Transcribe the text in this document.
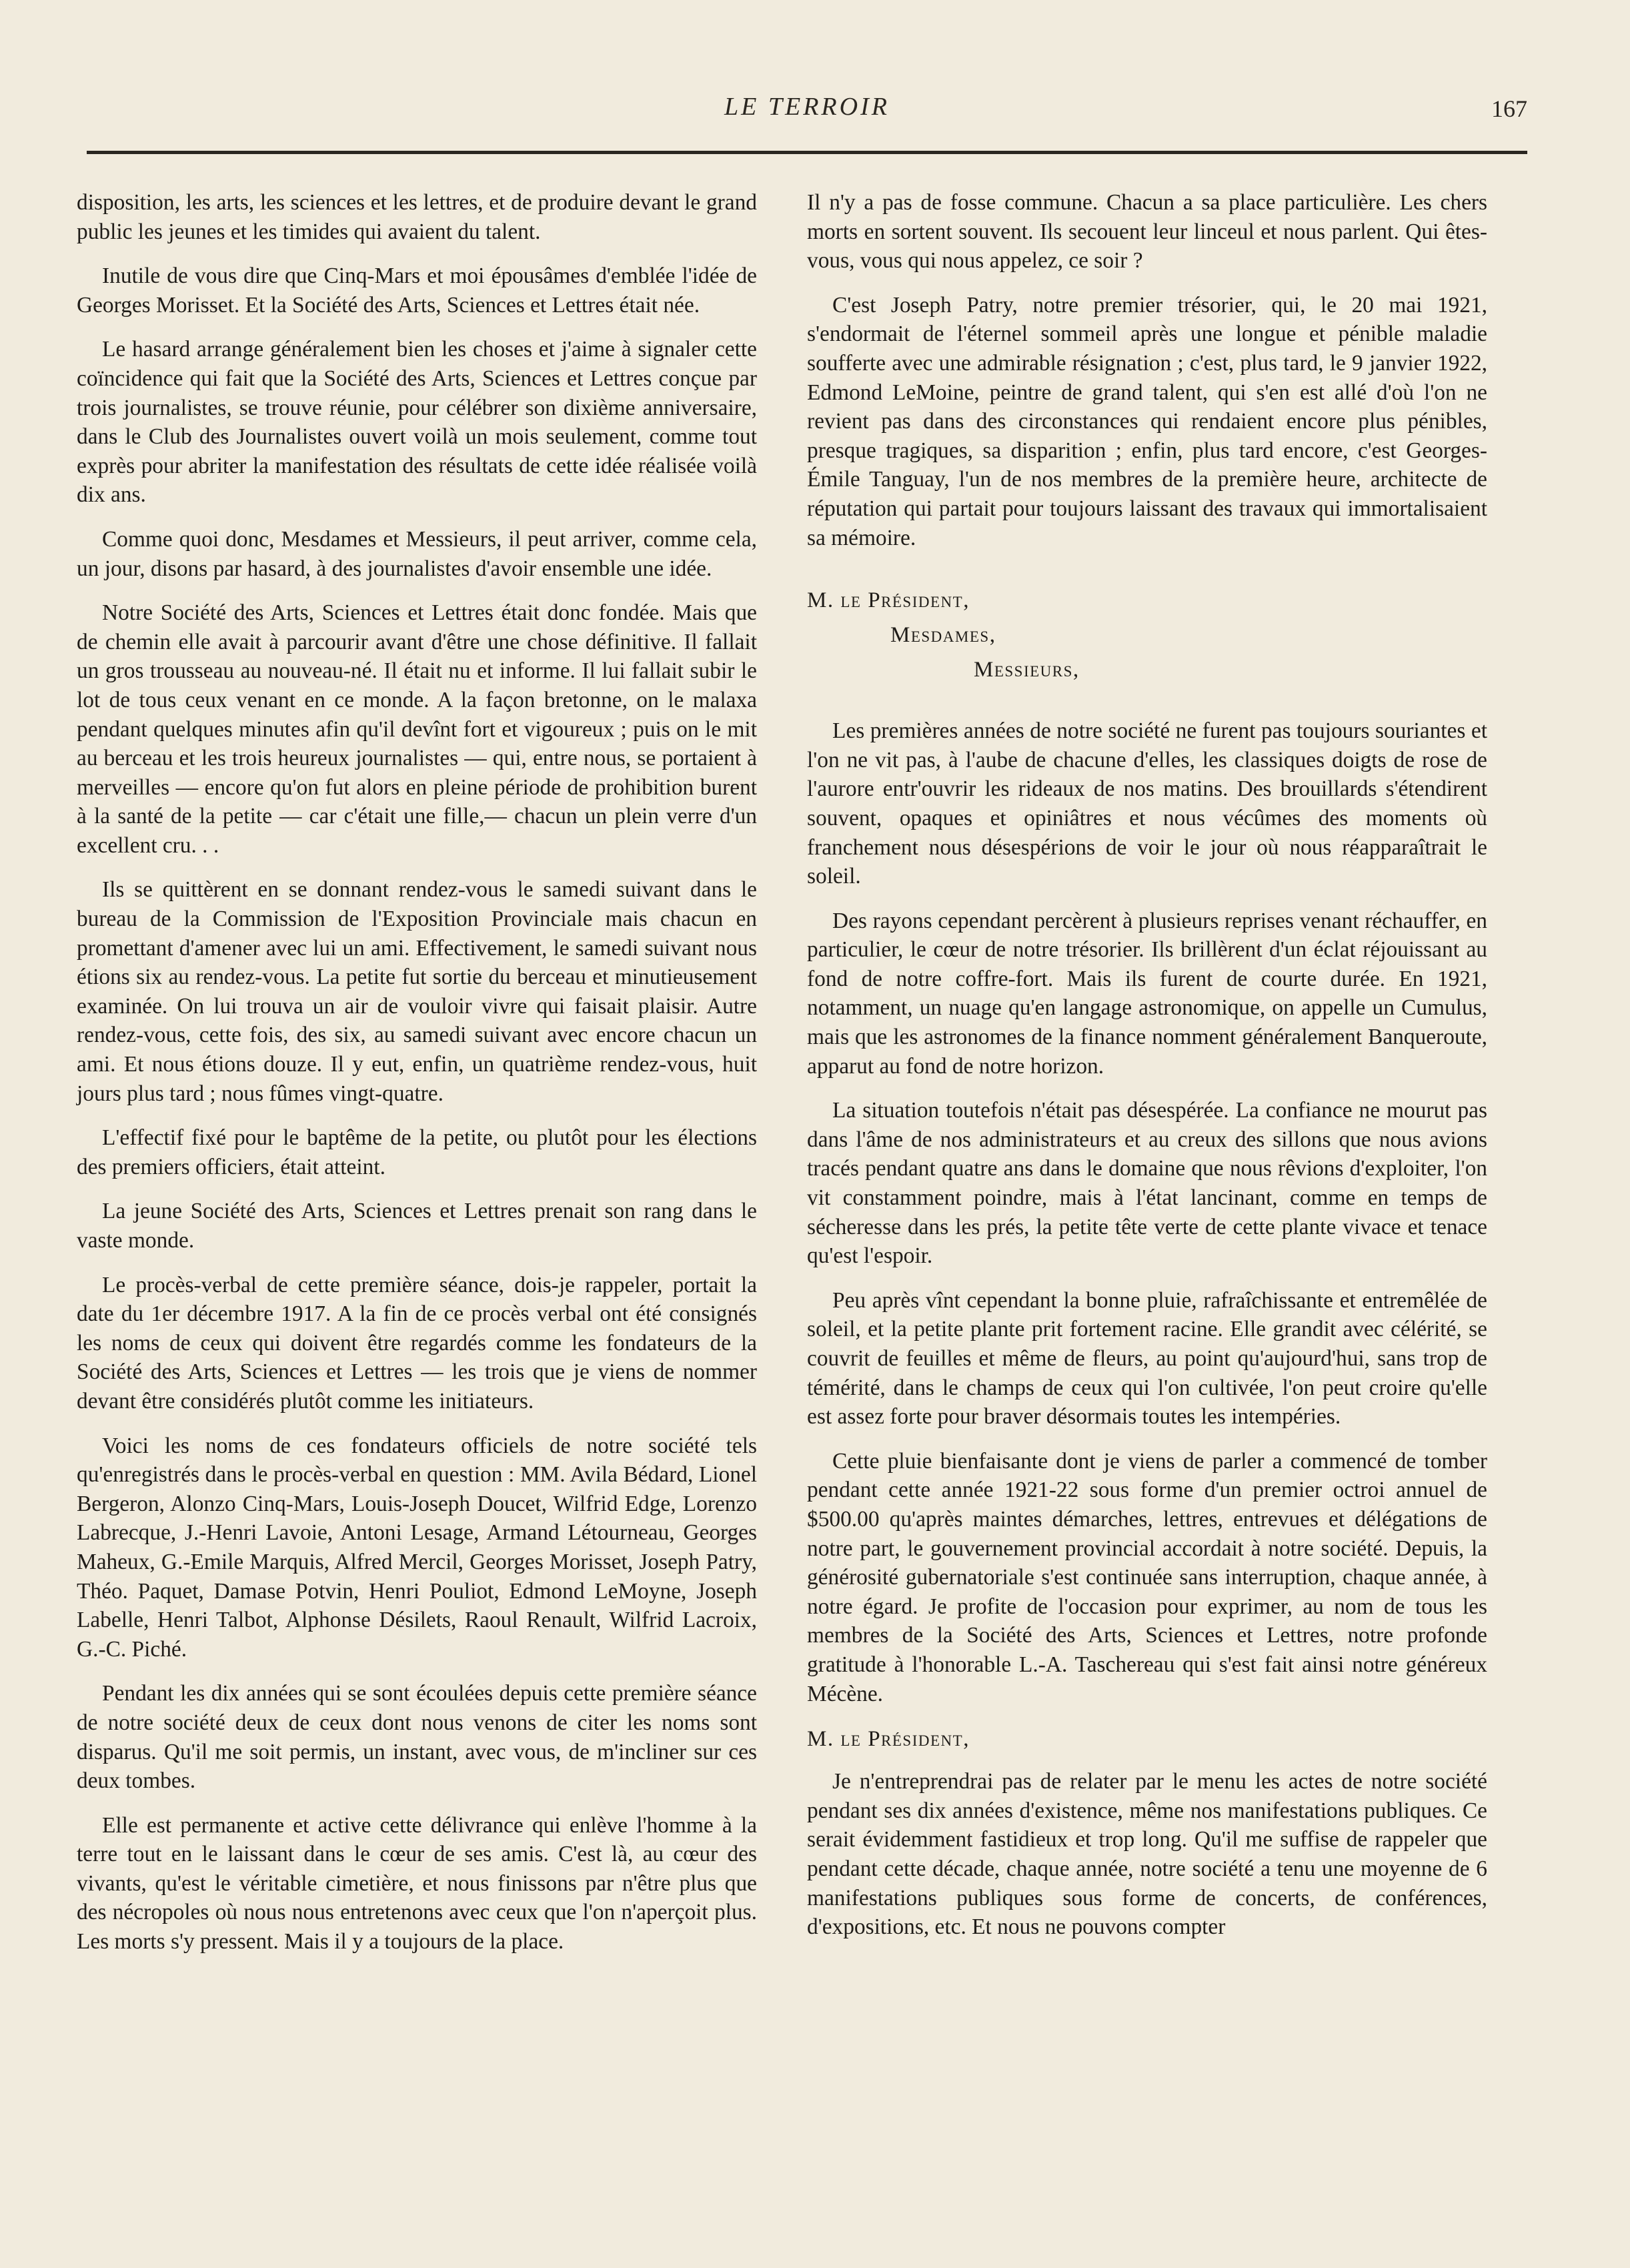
LE TERROIR	167

disposition, les arts, les sciences et les lettres, et de produire devant le grand public les jeunes et les timides qui avaient du talent.

Inutile de vous dire que Cinq-Mars et moi épousâmes d'emblée l'idée de Georges Morisset. Et la Société des Arts, Sciences et Lettres était née.

Le hasard arrange généralement bien les choses et j'aime à signaler cette coïncidence qui fait que la Société des Arts, Sciences et Lettres conçue par trois journalistes, se trouve réunie, pour célébrer son dixième anniversaire, dans le Club des Journalistes ouvert voilà un mois seulement, comme tout exprès pour abriter la manifestation des résultats de cette idée réalisée voilà dix ans.

Comme quoi donc, Mesdames et Messieurs, il peut arriver, comme cela, un jour, disons par hasard, à des journalistes d'avoir ensemble une idée.

Notre Société des Arts, Sciences et Lettres était donc fondée. Mais que de chemin elle avait à parcourir avant d'être une chose définitive. Il fallait un gros trousseau au nouveau-né. Il était nu et informe. Il lui fallait subir le lot de tous ceux venant en ce monde. A la façon bretonne, on le malaxa pendant quelques minutes afin qu'il devînt fort et vigoureux ; puis on le mit au berceau et les trois heureux journalistes — qui, entre nous, se portaient à merveilles — encore qu'on fut alors en pleine période de prohibition burent à la santé de la petite — car c'était une fille,— chacun un plein verre d'un excellent cru. . .

Ils se quittèrent en se donnant rendez-vous le samedi suivant dans le bureau de la Commission de l'Exposition Provinciale mais chacun en promettant d'amener avec lui un ami. Effectivement, le samedi suivant nous étions six au rendez-vous. La petite fut sortie du berceau et minutieusement examinée. On lui trouva un air de vouloir vivre qui faisait plaisir. Autre rendez-vous, cette fois, des six, au samedi suivant avec encore chacun un ami. Et nous étions douze. Il y eut, enfin, un quatrième rendez-vous, huit jours plus tard ; nous fûmes vingt-quatre.

L'effectif fixé pour le baptême de la petite, ou plutôt pour les élections des premiers officiers, était atteint.

La jeune Société des Arts, Sciences et Lettres prenait son rang dans le vaste monde.

Le procès-verbal de cette première séance, dois-je rappeler, portait la date du 1er décembre 1917. A la fin de ce procès verbal ont été consignés les noms de ceux qui doivent être regardés comme les fondateurs de la Société des Arts, Sciences et Lettres — les trois que je viens de nommer devant être considérés plutôt comme les initiateurs.

Voici les noms de ces fondateurs officiels de notre société tels qu'enregistrés dans le procès-verbal en question : MM. Avila Bédard, Lionel Bergeron, Alonzo Cinq-Mars, Louis-Joseph Doucet, Wilfrid Edge, Lorenzo Labrecque, J.-Henri Lavoie, Antoni Lesage, Armand Létourneau, Georges Maheux, G.-Emile Marquis, Alfred Mercil, Georges Morisset, Joseph Patry, Théo. Paquet, Damase Potvin, Henri Pouliot, Edmond LeMoyne, Joseph Labelle, Henri Talbot, Alphonse Désilets, Raoul Renault, Wilfrid Lacroix, G.-C. Piché.

Pendant les dix années qui se sont écoulées depuis cette première séance de notre société deux de ceux dont nous venons de citer les noms sont disparus. Qu'il me soit permis, un instant, avec vous, de m'incliner sur ces deux tombes.

Elle est permanente et active cette délivrance qui enlève l'homme à la terre tout en le laissant dans le cœur de ses amis. C'est là, au cœur des vivants, qu'est le véritable cimetière, et nous finissons par n'être plus que des nécropoles où nous nous entretenons avec ceux que l'on n'aperçoit plus. Les morts s'y pressent. Mais il y a toujours de la place.

Il n'y a pas de fosse commune. Chacun a sa place particulière. Les chers morts en sortent souvent. Ils secouent leur linceul et nous parlent. Qui êtes-vous, vous qui nous appelez, ce soir ?

C'est Joseph Patry, notre premier trésorier, qui, le 20 mai 1921, s'endormait de l'éternel sommeil après une longue et pénible maladie soufferte avec une admirable résignation ; c'est, plus tard, le 9 janvier 1922, Edmond LeMoine, peintre de grand talent, qui s'en est allé d'où l'on ne revient pas dans des circonstances qui rendaient encore plus pénibles, presque tragiques, sa disparition ; enfin, plus tard encore, c'est Georges-Émile Tanguay, l'un de nos membres de la première heure, architecte de réputation qui partait pour toujours laissant des travaux qui immortalisaient sa mémoire.

M. le Président,
Mesdames,
Messieurs,

Les premières années de notre société ne furent pas toujours souriantes et l'on ne vit pas, à l'aube de chacune d'elles, les classiques doigts de rose de l'aurore entr'ouvrir les rideaux de nos matins. Des brouillards s'étendirent souvent, opaques et opiniâtres et nous vécûmes des moments où franchement nous désespérions de voir le jour où nous réapparaîtrait le soleil.

Des rayons cependant percèrent à plusieurs reprises venant réchauffer, en particulier, le cœur de notre trésorier. Ils brillèrent d'un éclat réjouissant au fond de notre coffre-fort. Mais ils furent de courte durée. En 1921, notamment, un nuage qu'en langage astronomique, on appelle un Cumulus, mais que les astronomes de la finance nomment généralement Banqueroute, apparut au fond de notre horizon.

La situation toutefois n'était pas désespérée. La confiance ne mourut pas dans l'âme de nos administrateurs et au creux des sillons que nous avions tracés pendant quatre ans dans le domaine que nous rêvions d'exploiter, l'on vit constamment poindre, mais à l'état lancinant, comme en temps de sécheresse dans les prés, la petite tête verte de cette plante vivace et tenace qu'est l'espoir.

Peu après vînt cependant la bonne pluie, rafraîchissante et entremêlée de soleil, et la petite plante prit fortement racine. Elle grandit avec célérité, se couvrit de feuilles et même de fleurs, au point qu'aujourd'hui, sans trop de témérité, dans le champs de ceux qui l'on cultivée, l'on peut croire qu'elle est assez forte pour braver désormais toutes les intempéries.

Cette pluie bienfaisante dont je viens de parler a commencé de tomber pendant cette année 1921-22 sous forme d'un premier octroi annuel de $500.00 qu'après maintes démarches, lettres, entrevues et délégations de notre part, le gouvernement provincial accordait à notre société. Depuis, la générosité gubernatoriale s'est continuée sans interruption, chaque année, à notre égard. Je profite de l'occasion pour exprimer, au nom de tous les membres de la Société des Arts, Sciences et Lettres, notre profonde gratitude à l'honorable L.-A. Taschereau qui s'est fait ainsi notre généreux Mécène.

M. le Président,

Je n'entreprendrai pas de relater par le menu les actes de notre société pendant ses dix années d'existence, même nos manifestations publiques. Ce serait évidemment fastidieux et trop long. Qu'il me suffise de rappeler que pendant cette décade, chaque année, notre société a tenu une moyenne de 6 manifestations publiques sous forme de concerts, de conférences, d'expositions, etc. Et nous ne pouvons compter
